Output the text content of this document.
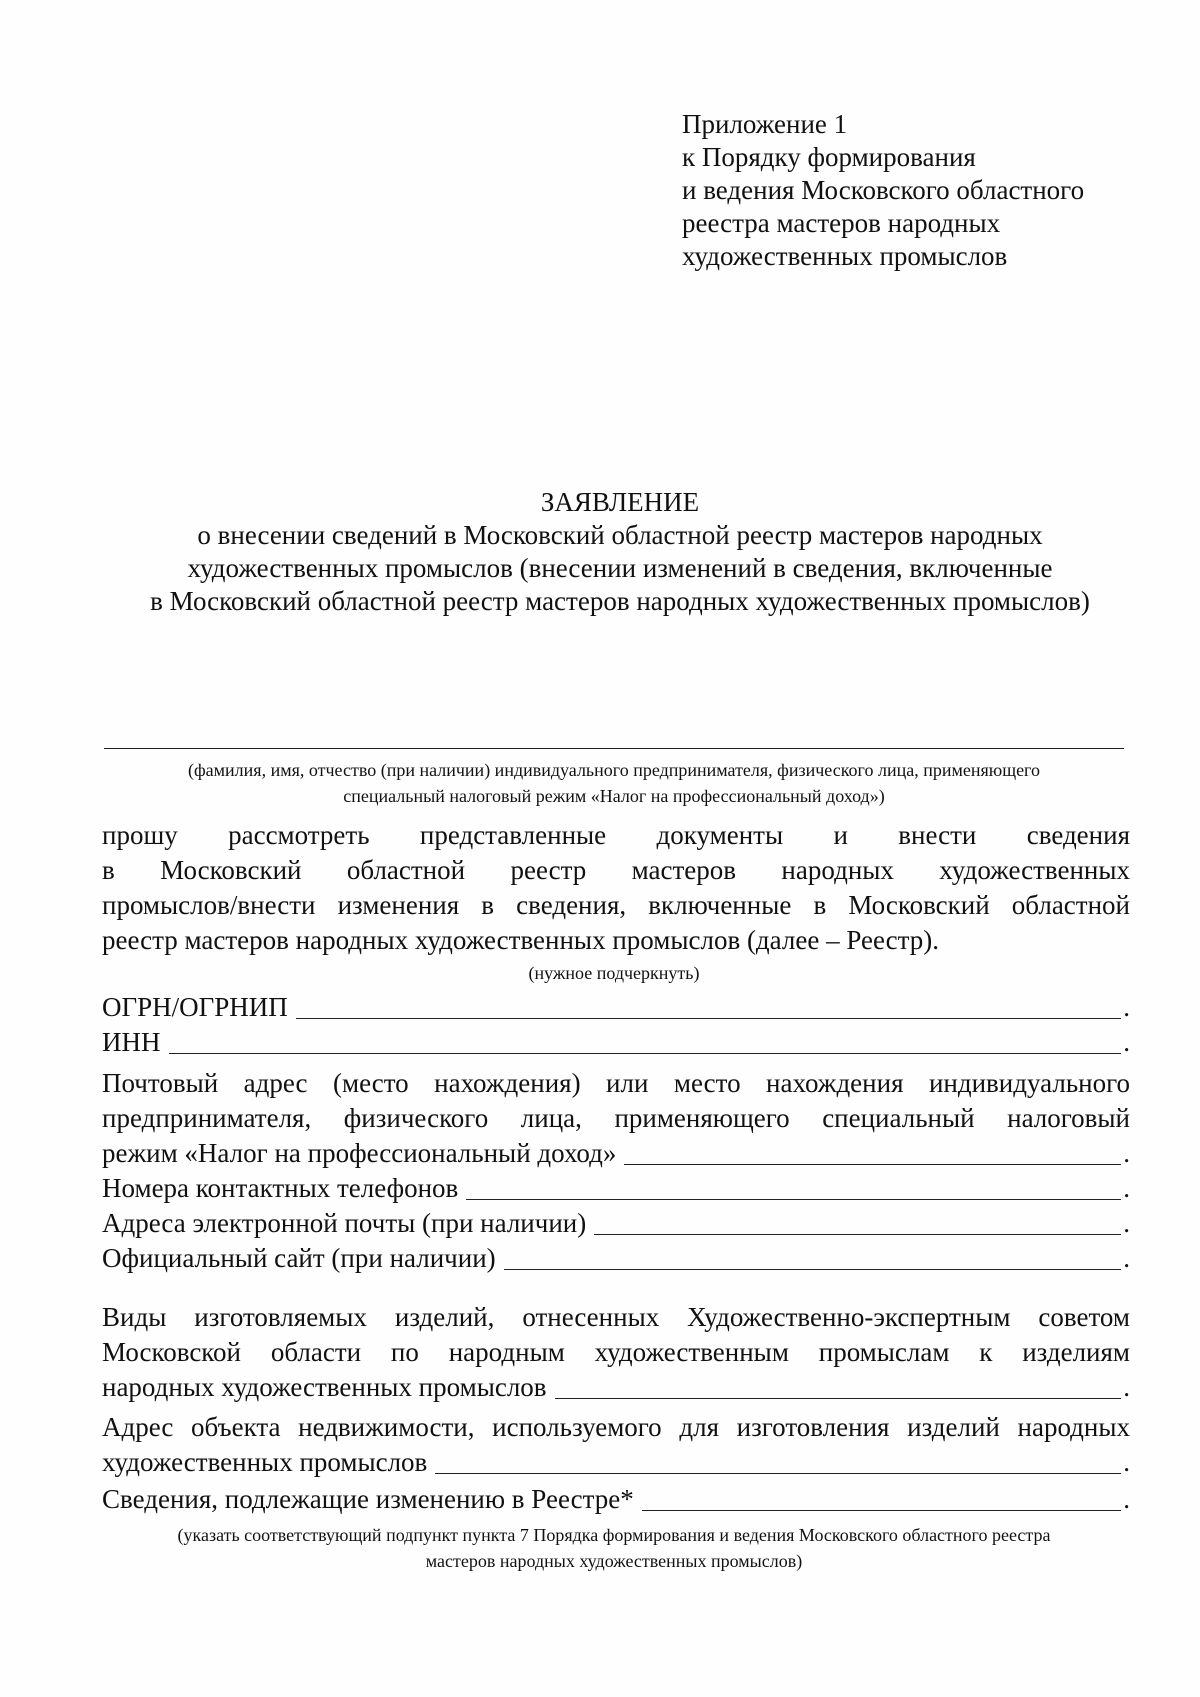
Приложение 1
к Порядку формирования
и ведения Московского областного
реестра мастеров народных
художественных промыслов
ЗАЯВЛЕНИЕ
о внесении сведений в Московский областной реестр мастеров народных
художественных промыслов (внесении изменений в сведения, включенные
в Московский областной реестр мастеров народных художественных промыслов)
(фамилия, имя, отчество (при наличии) индивидуального предпринимателя, физического лица, применяющего
специальный налоговый режим «Налог на профессиональный доход»)
прошу рассмотреть представленные документы и внести сведения
в Московский областной реестр мастеров народных художественных
промыслов/внести изменения в сведения, включенные в Московский областной
реестр мастеров народных художественных промыслов (далее – Реестр).
(нужное подчеркнуть)
ОГРН/ОГРНИП	.
ИНН	.
Почтовый адрес (место нахождения) или место нахождения индивидуального
предпринимателя, физического лица, применяющего специальный налоговый
режим «Налог на профессиональный доход»	.
Номера контактных телефонов	.
Адреса электронной почты (при наличии)	.
Официальный сайт (при наличии)	.
Виды изготовляемых изделий, отнесенных Художественно-экспертным советом
Московской области по народным художественным промыслам к изделиям
народных художественных промыслов	.
Адрес объекта недвижимости, используемого для изготовления изделий народных
художественных промыслов	.
Сведения, подлежащие изменению в Реестре*	.
(указать соответствующий подпункт пункта 7 Порядка формирования и ведения Московского областного реестра
мастеров народных художественных промыслов)
